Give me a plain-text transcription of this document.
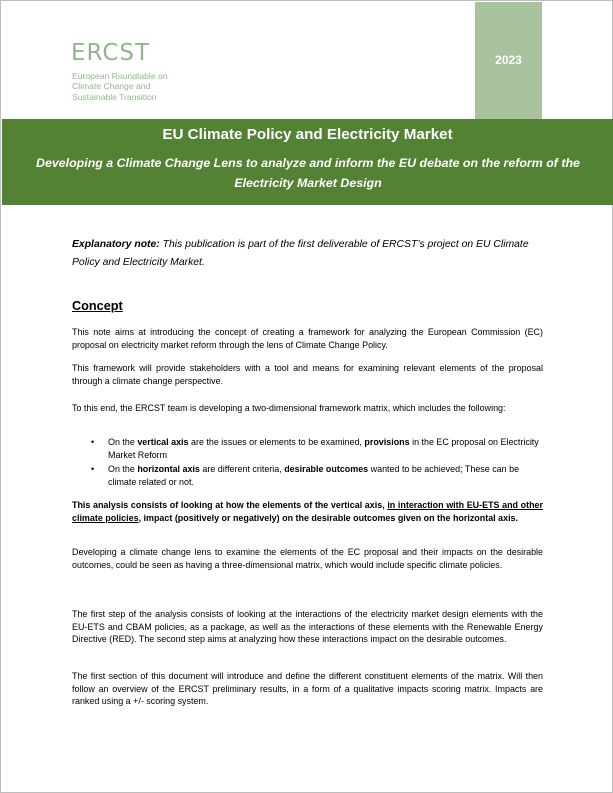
ERCST
European Roundtable on
Climate Change and
Sustainable Transition
2023
EU Climate Policy and Electricity Market
Developing a Climate Change Lens to analyze and inform the EU debate on the reform of the Electricity Market Design
Explanatory note: This publication is part of the first deliverable of ERCST’s project on EU Climate Policy and Electricity Market.
Concept
This note aims at introducing the concept of creating a framework for analyzing the European Commission (EC) proposal on electricity market reform through the lens of Climate Change Policy.
This framework will provide stakeholders with a tool and means for examining relevant elements of the proposal through a climate change perspective.
To this end, the ERCST team is developing a two-dimensional framework matrix, which includes the following:
• On the vertical axis are the issues or elements to be examined, provisions in the EC proposal on Electricity Market Reform
• On the horizontal axis are different criteria, desirable outcomes wanted to be achieved; These can be climate related or not.
This analysis consists of looking at how the elements of the vertical axis, in interaction with EU-ETS and other climate policies, impact (positively or negatively) on the desirable outcomes given on the horizontal axis.
Developing a climate change lens to examine the elements of the EC proposal and their impacts on the desirable outcomes, could be seen as having a three-dimensional matrix, which would include specific climate policies.
The first step of the analysis consists of looking at the interactions of the electricity market design elements with the EU-ETS and CBAM policies, as a package, as well as the interactions of these elements with the Renewable Energy Directive (RED). The second step aims at analyzing how these interactions impact on the desirable outcomes.
The first section of this document will introduce and define the different constituent elements of the matrix. Will then follow an overview of the ERCST preliminary results, in a form of a qualitative impacts scoring matrix. Impacts are ranked using a +/- scoring system.
